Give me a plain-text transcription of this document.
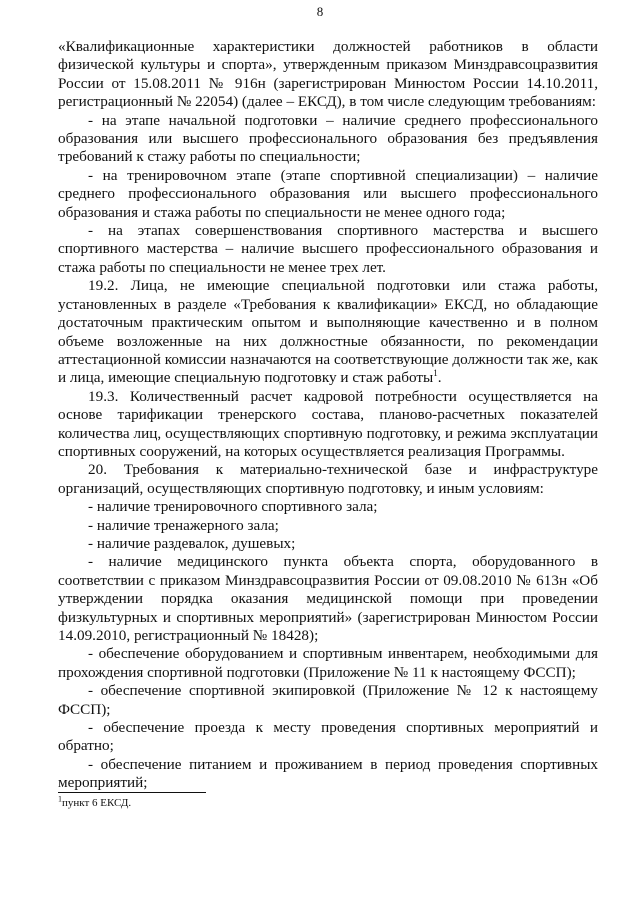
8

«Квалификационные характеристики должностей работников в области физической культуры и спорта», утвержденным приказом Минздравсоцразвития России от 15.08.2011 № 916н (зарегистрирован Минюстом России 14.10.2011, регистрационный № 22054) (далее – ЕКСД), в том числе следующим требованиям:

- на этапе начальной подготовки – наличие среднего профессионального образования или высшего профессионального образования без предъявления требований к стажу работы по специальности;

- на тренировочном этапе (этапе спортивной специализации) – наличие среднего профессионального образования или высшего профессионального образования и стажа работы по специальности не менее одного года;

- на этапах совершенствования спортивного мастерства и высшего спортивного мастерства – наличие высшего профессионального образования и стажа работы по специальности не менее трех лет.

19.2. Лица, не имеющие специальной подготовки или стажа работы, установленных в разделе «Требования к квалификации» ЕКСД, но обладающие достаточным практическим опытом и выполняющие качественно и в полном объеме возложенные на них должностные обязанности, по рекомендации аттестационной комиссии назначаются на соответствующие должности так же, как и лица, имеющие специальную подготовку и стаж работы$^1$.

19.3. Количественный расчет кадровой потребности осуществляется на основе тарификации тренерского состава, планово-расчетных показателей количества лиц, осуществляющих спортивную подготовку, и режима эксплуатации спортивных сооружений, на которых осуществляется реализация Программы.

20. Требования к материально-технической базе и инфраструктуре организаций, осуществляющих спортивную подготовку, и иным условиям:

- наличие тренировочного спортивного зала;

- наличие тренажерного зала;

- наличие раздевалок, душевых;

- наличие медицинского пункта объекта спорта, оборудованного в соответствии с приказом Минздравсоцразвития России от 09.08.2010 № 613н «Об утверждении порядка оказания медицинской помощи при проведении физкультурных и спортивных мероприятий» (зарегистрирован Минюстом России 14.09.2010, регистрационный № 18428);

- обеспечение оборудованием и спортивным инвентарем, необходимыми для прохождения спортивной подготовки (Приложение № 11 к настоящему ФССП);

- обеспечение спортивной экипировкой (Приложение № 12 к настоящему ФССП);

- обеспечение проезда к месту проведения спортивных мероприятий и обратно;

- обеспечение питанием и проживанием в период проведения спортивных мероприятий;

$^1$пункт 6 ЕКСД.
